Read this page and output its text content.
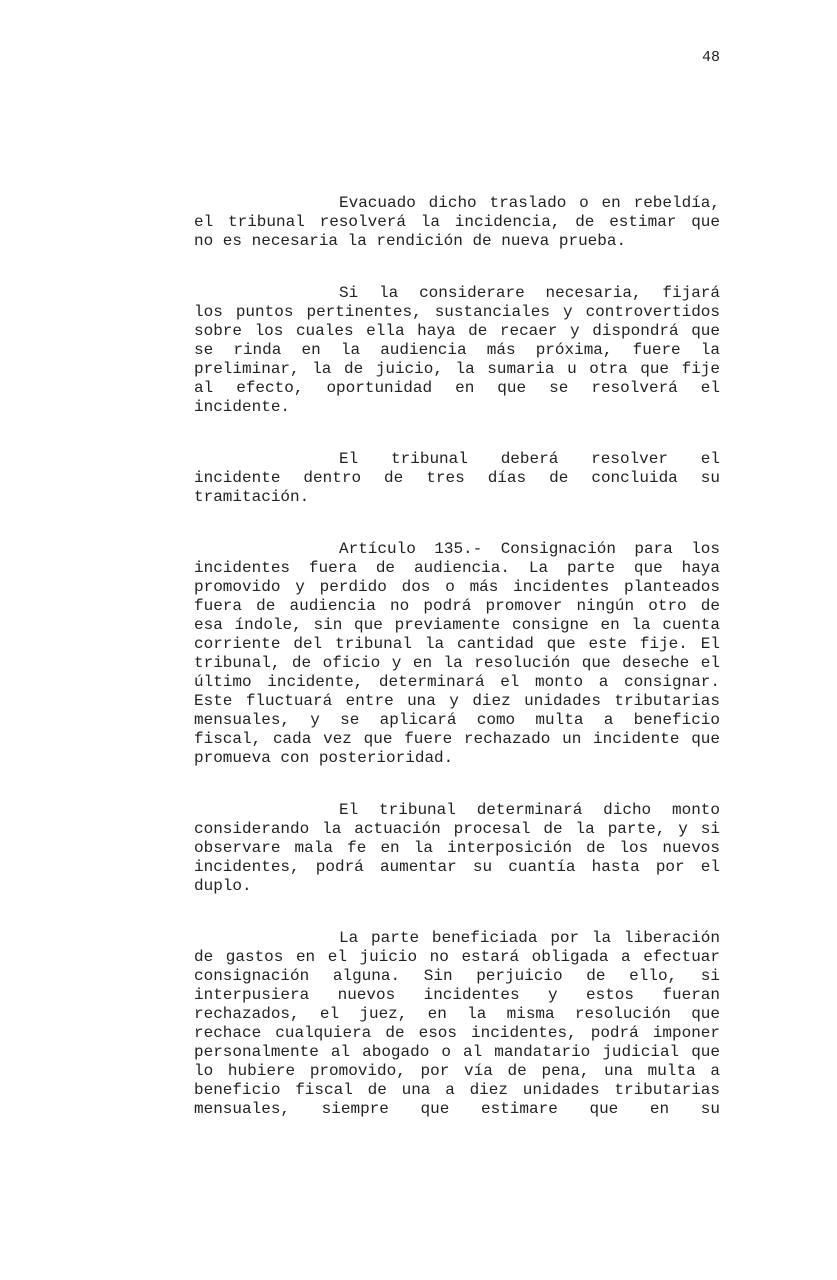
48
Evacuado dicho traslado o en rebeldía,
el tribunal resolverá la incidencia, de estimar que
no es necesaria la rendición de nueva prueba.
Si la considerare necesaria, fijará
los puntos pertinentes, sustanciales y controvertidos
sobre los cuales ella haya de recaer y dispondrá que
se rinda en la audiencia más próxima, fuere la
preliminar, la de juicio, la sumaria u otra que fije
al efecto, oportunidad en que se resolverá el
incidente.
El tribunal deberá resolver el
incidente dentro de tres días de concluida su
tramitación.
Artículo 135.- Consignación para los
incidentes fuera de audiencia. La parte que haya
promovido y perdido dos o más incidentes planteados
fuera de audiencia no podrá promover ningún otro de
esa índole, sin que previamente consigne en la cuenta
corriente del tribunal la cantidad que este fije. El
tribunal, de oficio y en la resolución que deseche el
último incidente, determinará el monto a consignar.
Este fluctuará entre una y diez unidades tributarias
mensuales, y se aplicará como multa a beneficio
fiscal, cada vez que fuere rechazado un incidente que
promueva con posterioridad.
El tribunal determinará dicho monto
considerando la actuación procesal de la parte, y si
observare mala fe en la interposición de los nuevos
incidentes, podrá aumentar su cuantía hasta por el
duplo.
La parte beneficiada por la liberación
de gastos en el juicio no estará obligada a efectuar
consignación alguna. Sin perjuicio de ello, si
interpusiera nuevos incidentes y estos fueran
rechazados, el juez, en la misma resolución que
rechace cualquiera de esos incidentes, podrá imponer
personalmente al abogado o al mandatario judicial que
lo hubiere promovido, por vía de pena, una multa a
beneficio fiscal de una a diez unidades tributarias
mensuales, siempre que estimare que en su
